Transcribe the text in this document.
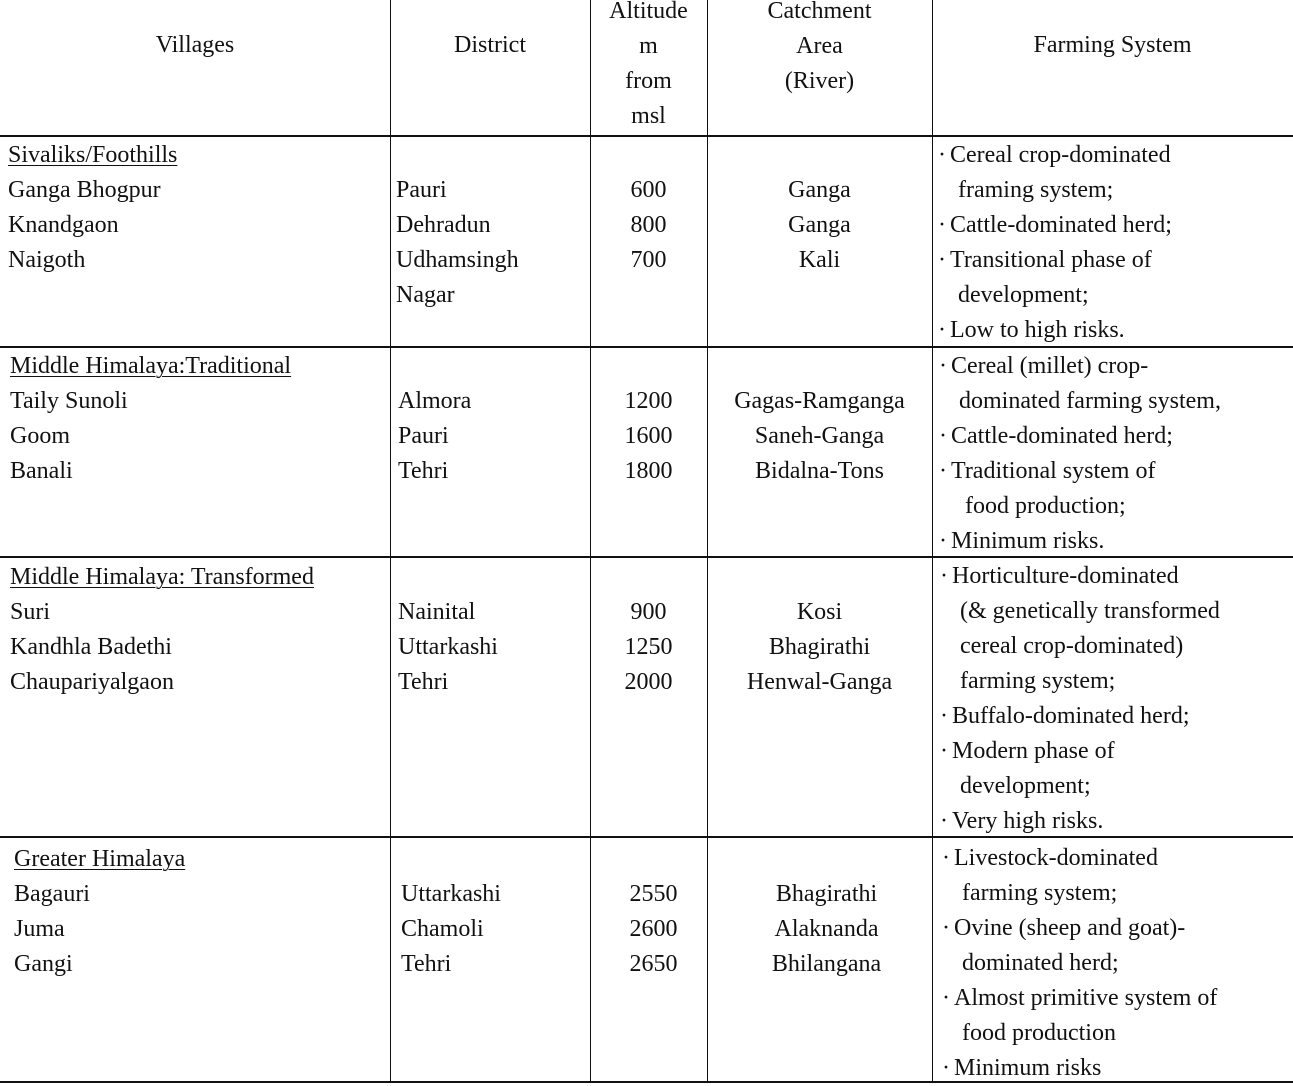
Villages	District
Altitude
m
from
msl
Catchment
Area
(River)
Farming System
Sivaliks/Foothills
Ganga Bhogpur
Knandgaon
Naigoth
Pauri
Dehradun
Udhamsingh
Nagar
600
800
700
Ganga
Ganga
Kali
· Cereal crop-dominated
framing system;
· Cattle-dominated herd;
· Transitional phase of
development;
· Low to high risks.
Middle Himalaya:Traditional
Taily Sunoli
Goom
Banali
Almora
Pauri
Tehri
1200
1600
1800
Gagas-Ramganga
Saneh-Ganga
Bidalna-Tons
· Cereal (millet) crop-
dominated farming system,
· Cattle-dominated herd;
· Traditional system of
food production;
· Minimum risks.
Middle Himalaya: Transformed
Suri
Kandhla Badethi
Chaupariyalgaon
Nainital
Uttarkashi
Tehri
900
1250
2000
Kosi
Bhagirathi
Henwal-Ganga
· Horticulture-dominated
(& genetically transformed
cereal crop-dominated)
farming system;
· Buffalo-dominated herd;
· Modern phase of
development;
· Very high risks.
Greater Himalaya
Bagauri
Juma
Gangi
Uttarkashi
Chamoli
Tehri
2550
2600
2650
Bhagirathi
Alaknanda
Bhilangana
· Livestock-dominated
farming system;
· Ovine (sheep and goat)-
dominated herd;
· Almost primitive system of
food production
· Minimum risks
